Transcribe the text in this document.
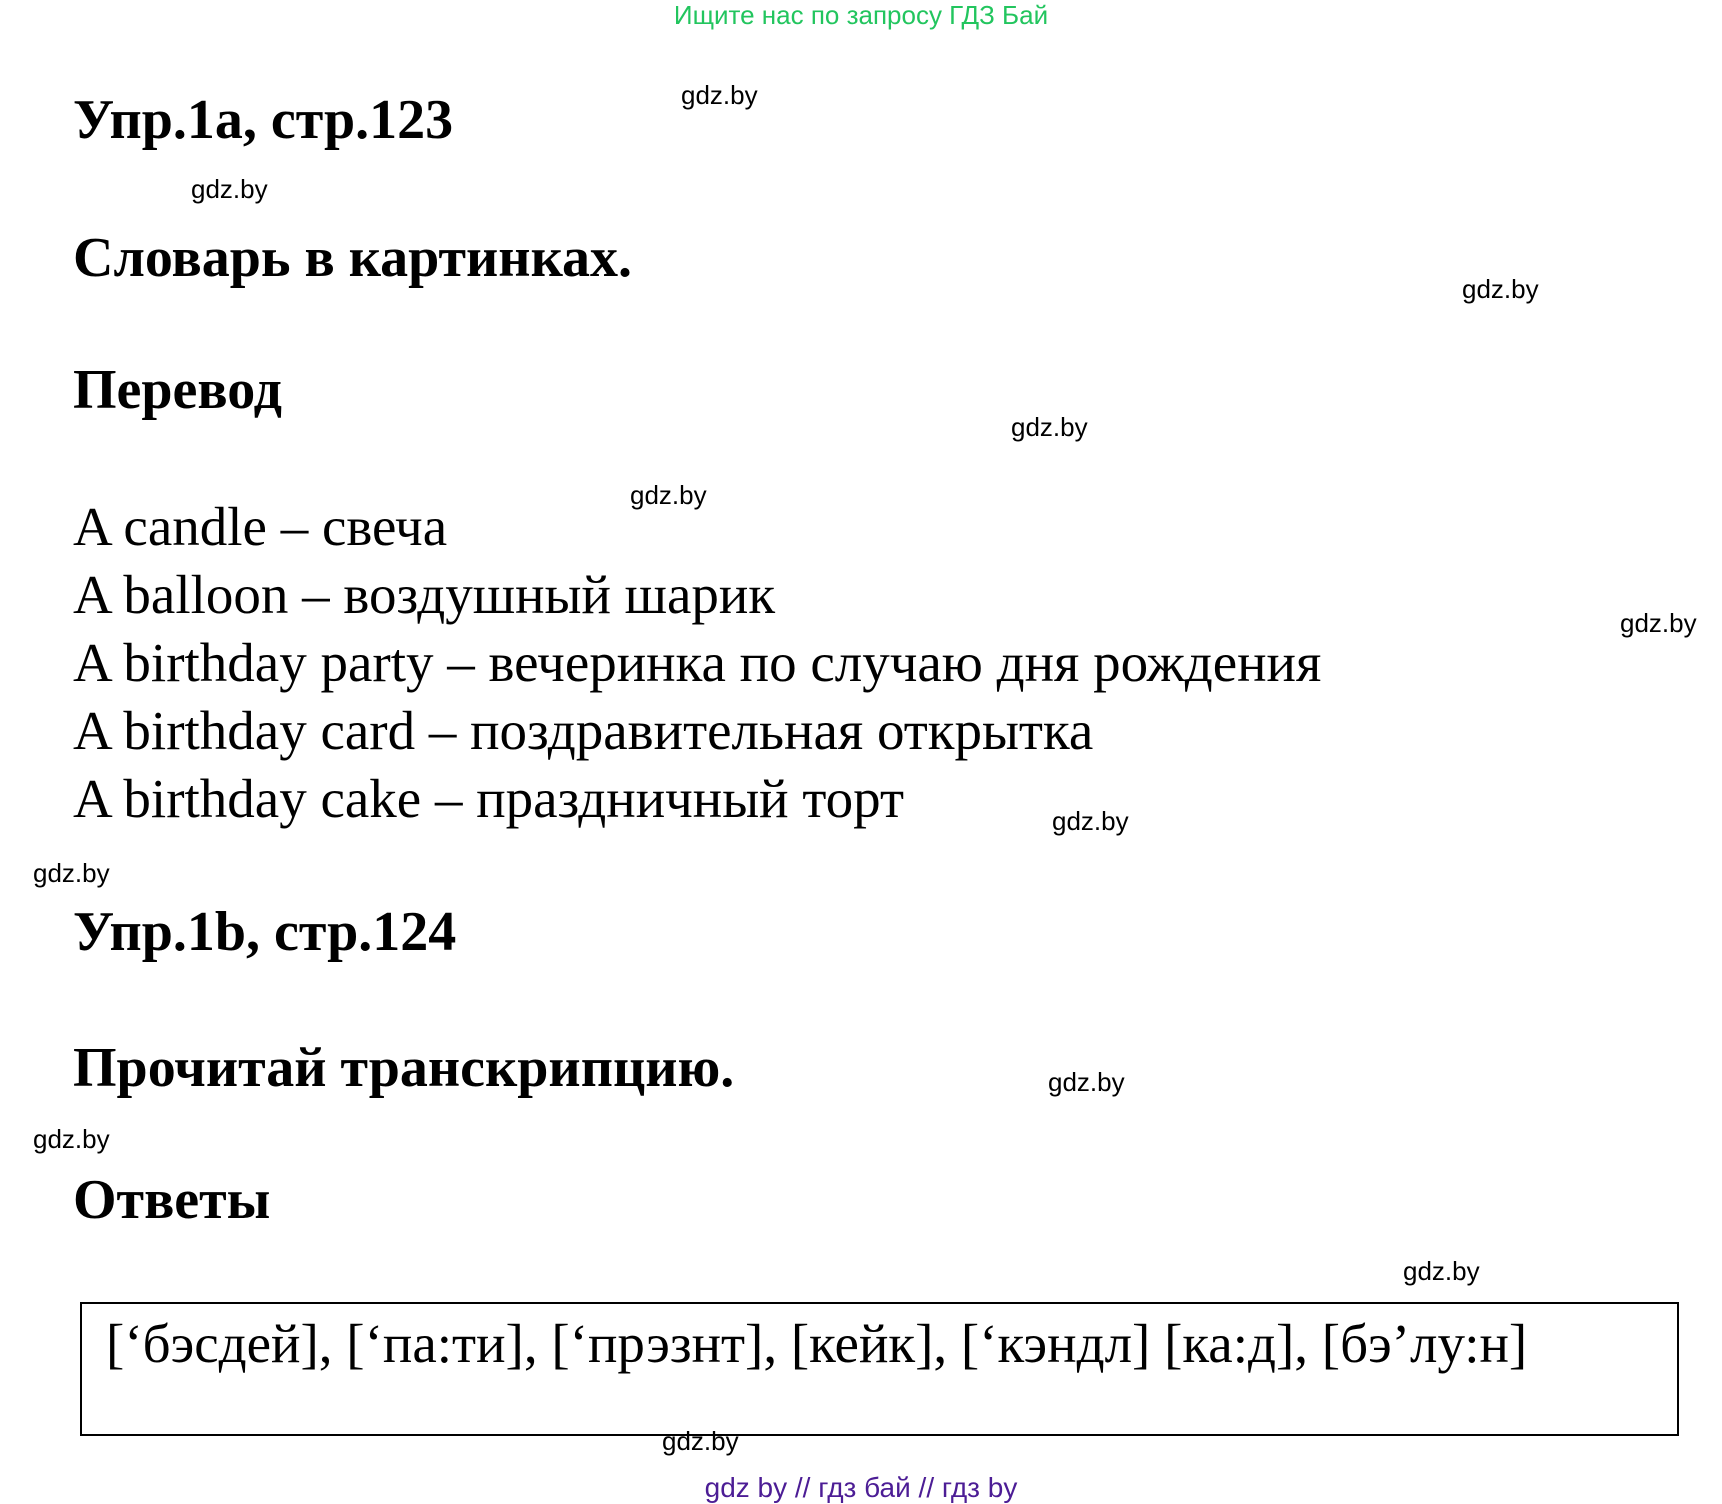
Ищите нас по запросу ГДЗ Бай
gdz.by
gdz.by
gdz.by
gdz.by
gdz.by
gdz.by
gdz.by
gdz.by
gdz.by
gdz.by
gdz.by
gdz.by
Упр.1a, стр.123
Словарь в картинках.
Перевод
A candle – свеча
A balloon – воздушный шарик
A birthday party – вечеринка по случаю дня рождения
A birthday card – поздравительная открытка
A birthday cake – праздничный торт
Упр.1b, стр.124
Прочитай транскрипцию.
Ответы
[‘бэсдей], [‘па:ти], [‘прэзнт], [кейк], [‘кэндл] [ка:д], [бэ’лу:н]
gdz by // гдз бай // гдз by
